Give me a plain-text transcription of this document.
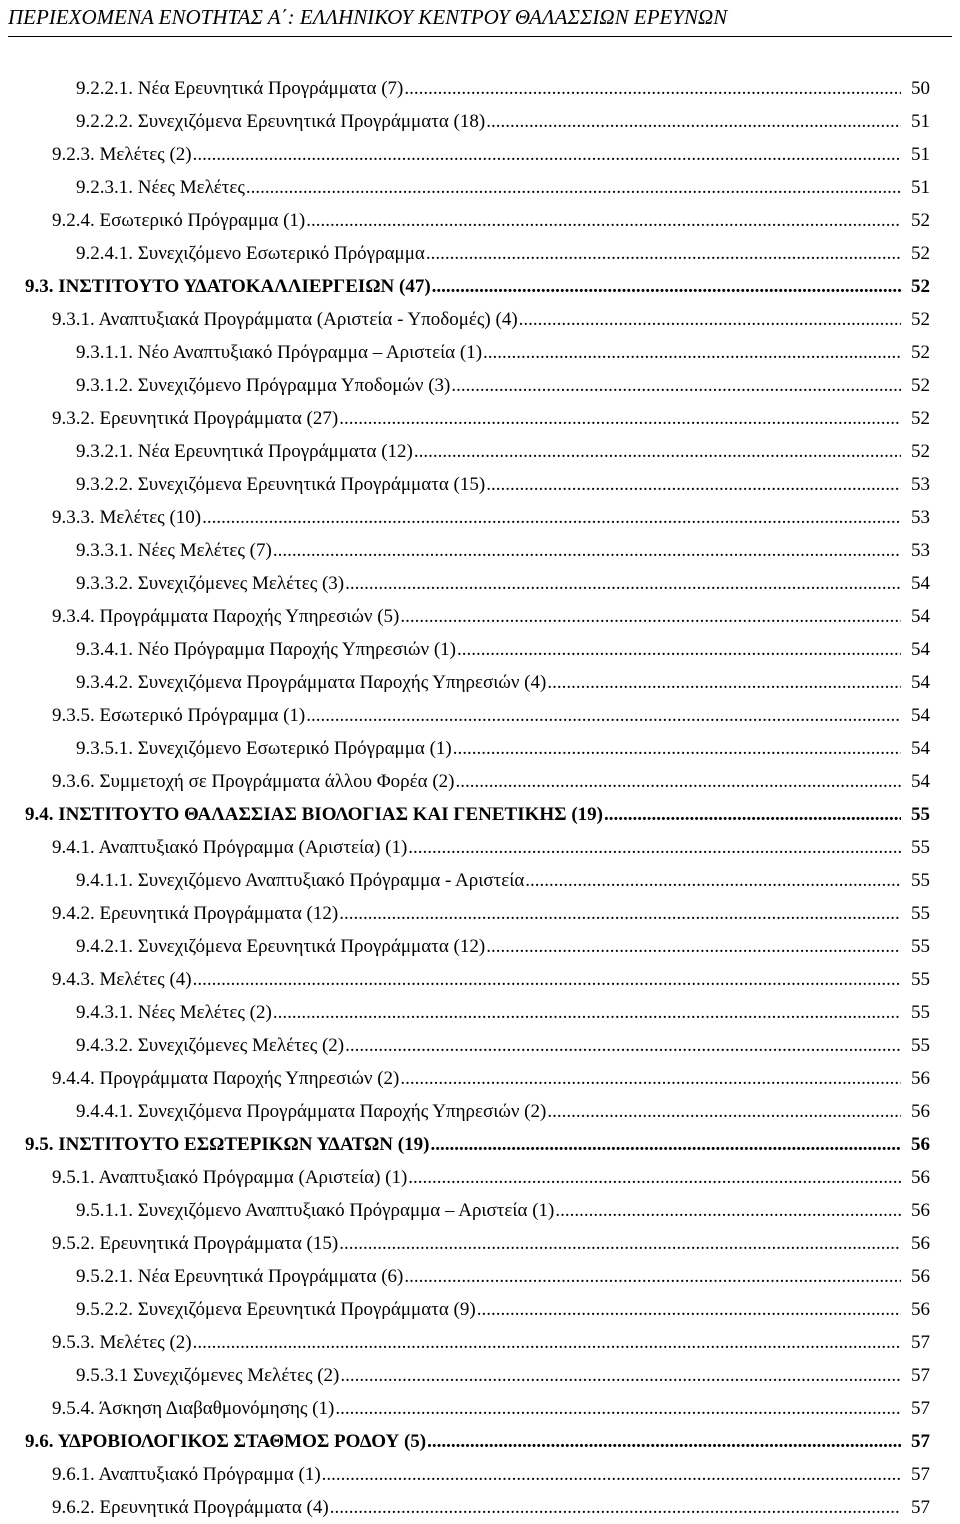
ΠΕΡΙΕΧΟΜΕΝΑ ΕΝΟΤΗΤΑΣ Α΄: ΕΛΛΗΝΙΚΟΥ ΚΕΝΤΡΟΥ ΘΑΛΑΣΣΙΩΝ ΕΡΕΥΝΩΝ
9.2.2.1. Νέα Ερευνητικά Προγράμματα (7) .....	50
9.2.2.2. Συνεχιζόμενα Ερευνητικά Προγράμματα (18) .....	51
9.2.3. Μελέτες (2) .....	51
9.2.3.1. Νέες Μελέτες .....	51
9.2.4. Εσωτερικό Πρόγραμμα (1) .....	52
9.2.4.1. Συνεχιζόμενο Εσωτερικό Πρόγραμμα .....	52
9.3. ΙΝΣΤΙΤΟΥΤΟ ΥΔΑΤΟΚΑΛΛΙΕΡΓΕΙΩΝ (47) .....	52
9.3.1. Αναπτυξιακά Προγράμματα (Αριστεία - Υποδομές) (4) .....	52
9.3.1.1. Νέο Αναπτυξιακό Πρόγραμμα – Αριστεία (1) .....	52
9.3.1.2. Συνεχιζόμενο Πρόγραμμα Υποδομών (3) .....	52
9.3.2. Ερευνητικά Προγράμματα (27) .....	52
9.3.2.1. Νέα Ερευνητικά Προγράμματα (12) .....	52
9.3.2.2. Συνεχιζόμενα Ερευνητικά Προγράμματα (15) .....	53
9.3.3. Μελέτες (10) .....	53
9.3.3.1. Νέες Μελέτες (7) .....	53
9.3.3.2. Συνεχιζόμενες Μελέτες (3) .....	54
9.3.4. Προγράμματα Παροχής Υπηρεσιών (5) .....	54
9.3.4.1. Νέο Πρόγραμμα Παροχής Υπηρεσιών (1) .....	54
9.3.4.2. Συνεχιζόμενα Προγράμματα Παροχής Υπηρεσιών (4) .....	54
9.3.5. Εσωτερικό Πρόγραμμα (1) .....	54
9.3.5.1. Συνεχιζόμενο Εσωτερικό Πρόγραμμα (1) .....	54
9.3.6. Συμμετοχή σε Προγράμματα άλλου Φορέα (2) .....	54
9.4. ΙΝΣΤΙΤΟΥΤΟ ΘΑΛΑΣΣΙΑΣ ΒΙΟΛΟΓΙΑΣ ΚΑΙ ΓΕΝΕΤΙΚΗΣ (19) .....	55
9.4.1. Αναπτυξιακό Πρόγραμμα (Αριστεία) (1) .....	55
9.4.1.1. Συνεχιζόμενο Αναπτυξιακό Πρόγραμμα - Αριστεία .....	55
9.4.2. Ερευνητικά Προγράμματα (12) .....	55
9.4.2.1. Συνεχιζόμενα Ερευνητικά Προγράμματα (12) .....	55
9.4.3. Μελέτες (4) .....	55
9.4.3.1. Νέες Μελέτες (2) .....	55
9.4.3.2. Συνεχιζόμενες Μελέτες (2) .....	55
9.4.4. Προγράμματα Παροχής Υπηρεσιών (2) .....	56
9.4.4.1. Συνεχιζόμενα Προγράμματα Παροχής Υπηρεσιών (2) .....	56
9.5. ΙΝΣΤΙΤΟΥΤΟ ΕΣΩΤΕΡΙΚΩΝ ΥΔΑΤΩΝ (19) .....	56
9.5.1. Αναπτυξιακό Πρόγραμμα (Αριστεία) (1) .....	56
9.5.1.1. Συνεχιζόμενο Αναπτυξιακό Πρόγραμμα – Αριστεία (1) .....	56
9.5.2. Ερευνητικά Προγράμματα (15) .....	56
9.5.2.1. Νέα Ερευνητικά Προγράμματα (6) .....	56
9.5.2.2. Συνεχιζόμενα Ερευνητικά Προγράμματα (9) .....	56
9.5.3. Μελέτες (2) .....	57
9.5.3.1 Συνεχιζόμενες Μελέτες (2) .....	57
9.5.4. Άσκηση Διαβαθμονόμησης (1) .....	57
9.6. ΥΔΡΟΒΙΟΛΟΓΙΚΟΣ ΣΤΑΘΜΟΣ ΡΟΔΟΥ (5) .....	57
9.6.1. Αναπτυξιακό Πρόγραμμα (1) .....	57
9.6.2. Ερευνητικά Προγράμματα (4) .....	57
